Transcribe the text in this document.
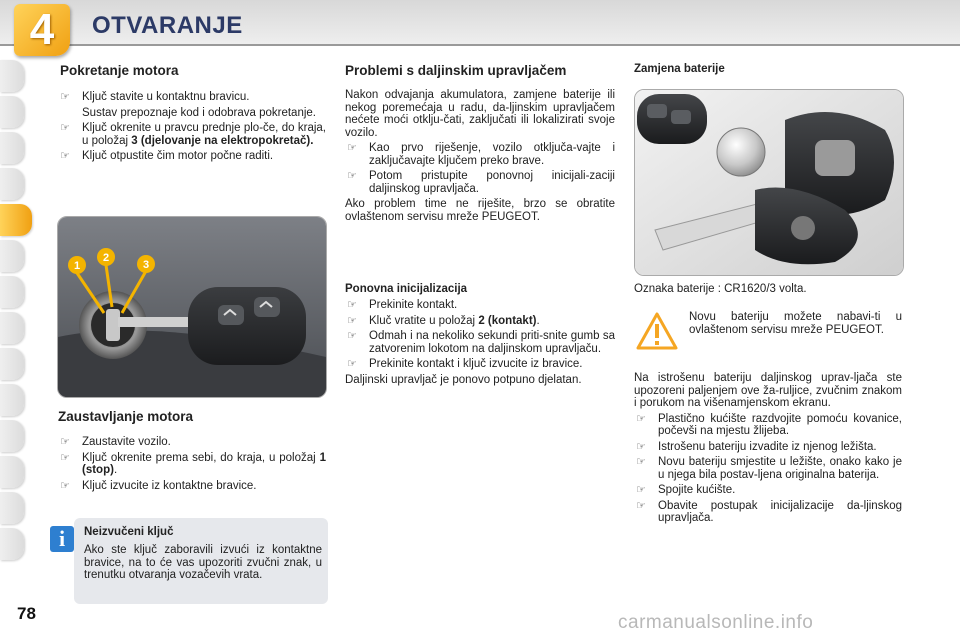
4	OTVARANJE
Pokretanje motora
☞ Ključ stavite u kontaktnu bravicu.
Sustav prepoznaje kod i odobrava pokretanje.
☞ Ključ okrenite u pravcu prednje plo-če, do kraja, u položaj 3 (djelovanje na elektropokretač).
☞ Ključ otpustite čim motor počne raditi.
1
2
3
Zaustavljanje motora
☞ Zaustavite vozilo.
☞ Ključ okrenite prema sebi, do kraja, u položaj 1 (stop).
☞ Ključ izvucite iz kontaktne bravice.
i	Neizvučeni ključ

Ako ste ključ zaboravili izvući iz kontaktne bravice, na to će vas upozoriti zvučni znak, u trenutku otvaranja vozačevih vrata.

Problemi s daljinskim upravljačem

Nakon odvajanja akumulatora, zamjene baterije ili nekog poremećaja u radu, da-ljinskim upravljačem nećete moći otklju-čati, zaključati ili lokalizirati svoje vozilo.

☞ Kao prvo riješenje, vozilo otključa-vajte i zaključavajte ključem preko brave.
☞ Potom pristupite ponovnoj inicijali-zaciji daljinskog upravljača.

Ako problem time ne riješite, brzo se obratite ovlaštenom servisu mreže PEUGEOT.

Ponovna inicijalizacija
☞ Prekinite kontakt.
☞ Kluč vratite u položaj 2 (kontakt).
☞ Odmah i na nekoliko sekundi priti-snite gumb sa zatvorenim lokotom na daljinskom upravljaču.
☞ Prekinite kontakt i ključ izvucite iz bravice.

Daljinski upravljač je ponovo potpuno djelatan.

Zamjena baterije
Oznaka baterije : CR1620/3 volta.

Novu bateriju možete nabavi-ti u ovlaštenom servisu mreže PEUGEOT.

Na istrošenu bateriju daljinskog uprav-ljača ste upozoreni paljenjem ove ža-ruljice, zvučnim znakom i porukom na višenamjenskom ekranu.

☞ Plastično kućište razdvojite pomoću kovanice, počevši na mjestu žlijeba.
☞ Istrošenu bateriju izvadite iz njenog ležišta.
☞ Novu bateriju smjestite u ležište, onako kako je u njega bila postav-ljena originalna baterija.
☞ Spojite kućište.
☞ Obavite postupak inicijalizacije da-ljinskog upravljača.
78	carmanualsonline.info
